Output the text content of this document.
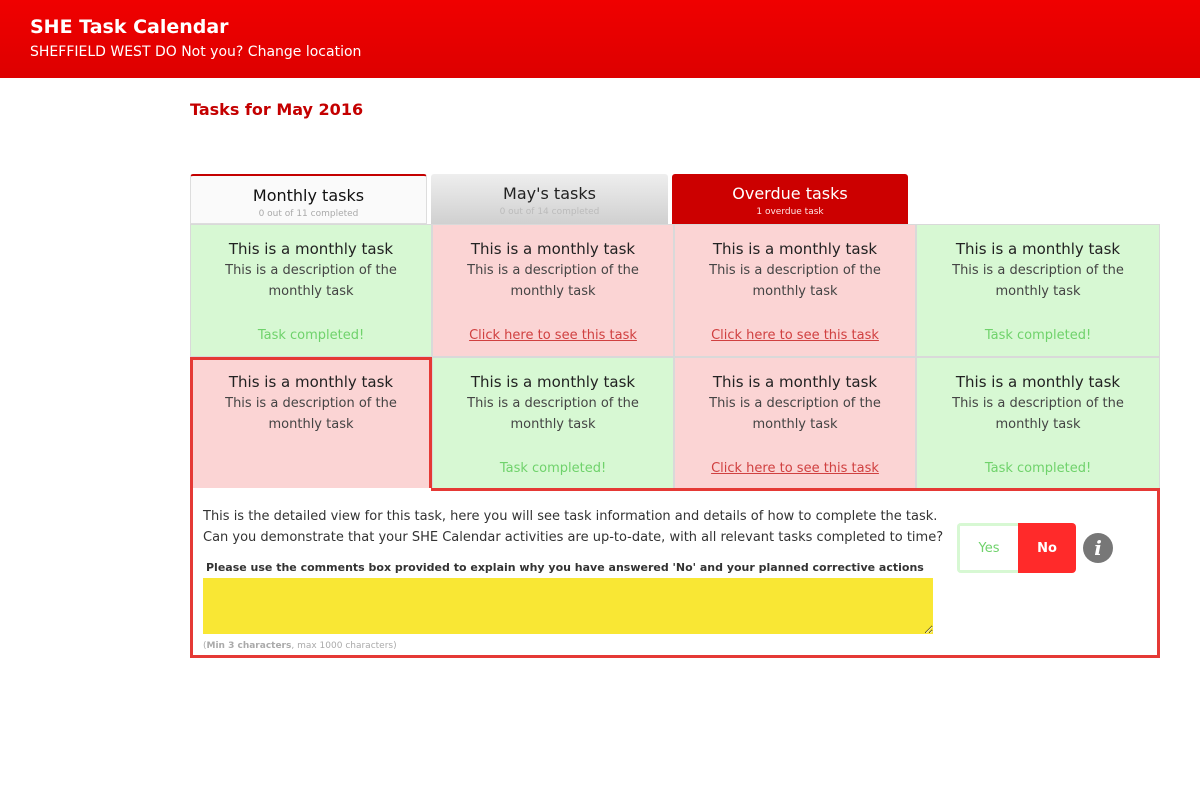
SHE Task Calendar
SHEFFIELD WEST DO Not you? Change location
Tasks for May 2016
Monthly tasks
0 out of 11 completed
May's tasks
0 out of 14 completed
Overdue tasks
1 overdue task
This is a monthly task
This is a description of the monthly task
Task completed!
This is a monthly task
This is a description of the monthly task
Click here to see this task
This is a monthly task
This is a description of the monthly task
Click here to see this task
This is a monthly task
This is a description of the monthly task
Task completed!
This is a monthly task
This is a description of the monthly task
This is a monthly task
This is a description of the monthly task
Task completed!
This is a monthly task
This is a description of the monthly task
Click here to see this task
This is a monthly task
This is a description of the monthly task
Task completed!
This is the detailed view for this task, here you will see task information and details of how to complete the task.
Can you demonstrate that your SHE Calendar activities are up-to-date, with all relevant tasks completed to time?
Please use the comments box provided to explain why you have answered 'No' and your planned corrective actions
(Min 3 characters, max 1000 characters)
Yes	No	i
